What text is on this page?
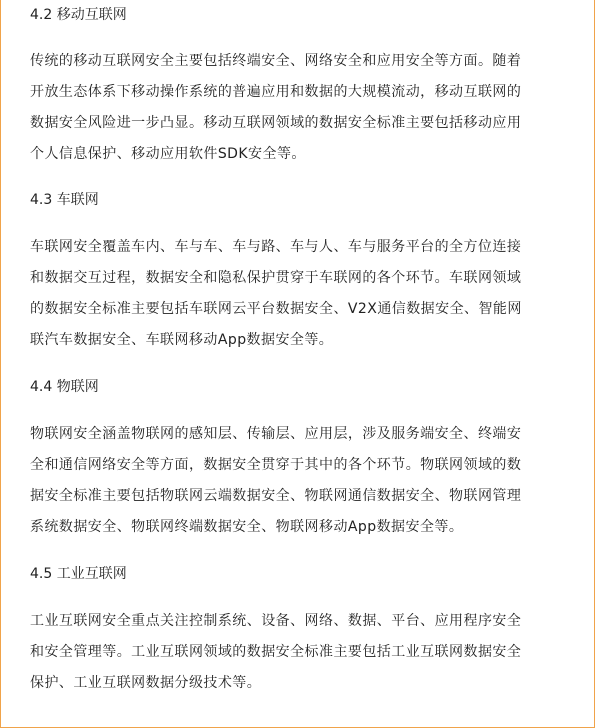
4.2 移动互联网
传统的移动互联网安全主要包括终端安全、网络安全和应用安全等方面。随着
开放生态体系下移动操作系统的普遍应用和数据的大规模流动，移动互联网的
数据安全风险进一步凸显。移动互联网领域的数据安全标准主要包括移动应用
个人信息保护、移动应用软件SDK安全等。
4.3 车联网
车联网安全覆盖车内、车与车、车与路、车与人、车与服务平台的全方位连接
和数据交互过程，数据安全和隐私保护贯穿于车联网的各个环节。车联网领域
的数据安全标准主要包括车联网云平台数据安全、V2X通信数据安全、智能网
联汽车数据安全、车联网移动App数据安全等。
4.4 物联网
物联网安全涵盖物联网的感知层、传输层、应用层，涉及服务端安全、终端安
全和通信网络安全等方面，数据安全贯穿于其中的各个环节。物联网领域的数
据安全标准主要包括物联网云端数据安全、物联网通信数据安全、物联网管理
系统数据安全、物联网终端数据安全、物联网移动App数据安全等。
4.5 工业互联网
工业互联网安全重点关注控制系统、设备、网络、数据、平台、应用程序安全
和安全管理等。工业互联网领域的数据安全标准主要包括工业互联网数据安全
保护、工业互联网数据分级技术等。
